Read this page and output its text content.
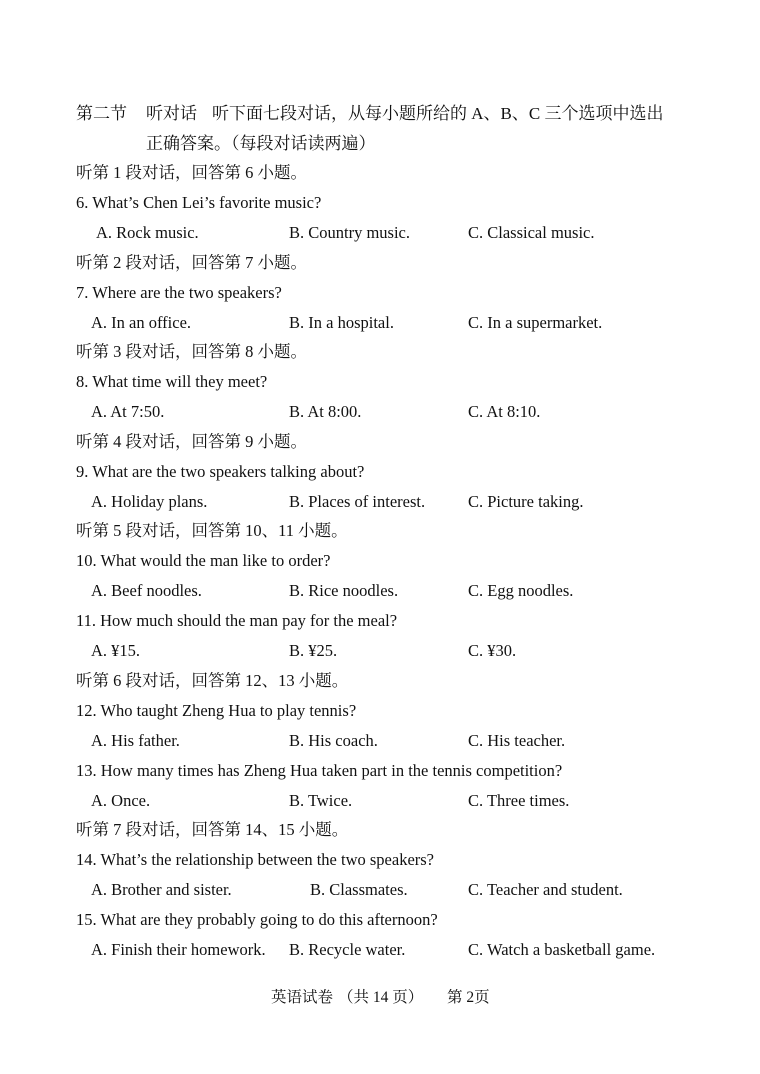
第二节 听对话 听下面七段对话，从每小题所给的 A、B、C 三个选项中选出
正确答案。（每段对话读两遍）
听第 1 段对话，回答第 6 小题。
6. What’s Chen Lei’s favorite music?
A. Rock music.	B. Country music.	C. Classical music.
听第 2 段对话，回答第 7 小题。
7. Where are the two speakers?
A. In an office.	B. In a hospital.	C. In a supermarket.
听第 3 段对话，回答第 8 小题。
8. What time will they meet?
A. At 7:50.	B. At 8:00.	C. At 8:10.
听第 4 段对话，回答第 9 小题。
9. What are the two speakers talking about?
A. Holiday plans.	B. Places of interest.	C. Picture taking.
听第 5 段对话，回答第 10、11 小题。
10. What would the man like to order?
A. Beef noodles.	B. Rice noodles.	C. Egg noodles.
11. How much should the man pay for the meal?
A. ¥15.	B. ¥25.	C. ¥30.
听第 6 段对话，回答第 12、13 小题。
12. Who taught Zheng Hua to play tennis?
A. His father.	B. His coach.	C. His teacher.
13. How many times has Zheng Hua taken part in the tennis competition?
A. Once.	B. Twice.	C. Three times.
听第 7 段对话，回答第 14、15 小题。
14. What’s the relationship between the two speakers?
A. Brother and sister.	B. Classmates.	C. Teacher and student.
15. What are they probably going to do this afternoon?
A. Finish their homework. B. Recycle water.	C. Watch a basketball game.
英语试卷 （共 14 页） 第 2页
